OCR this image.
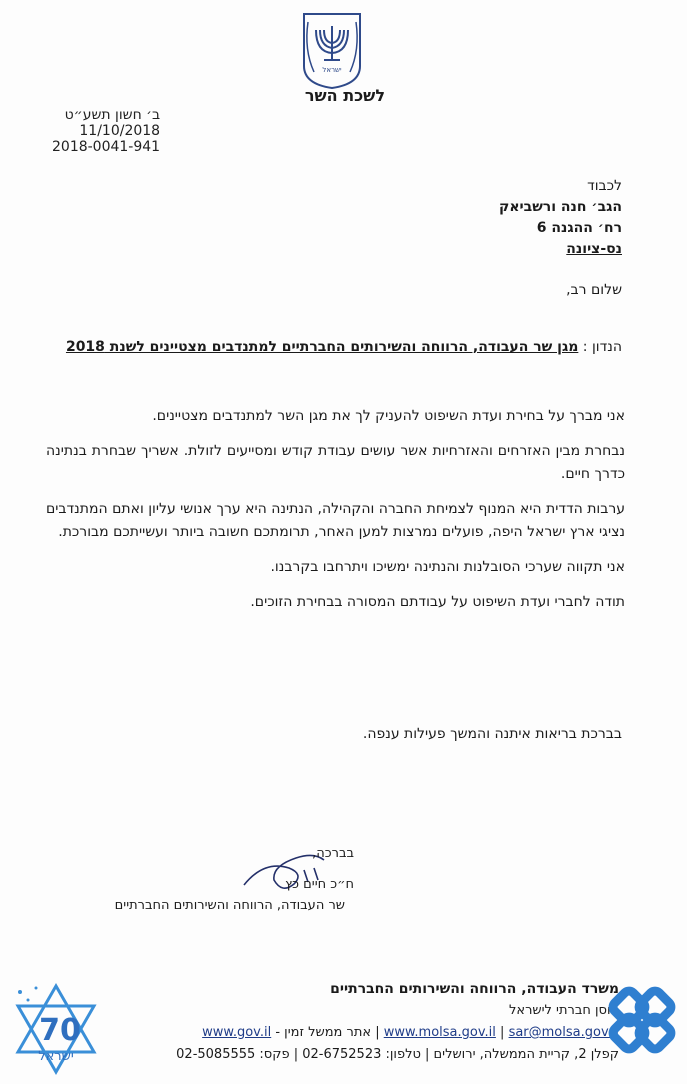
ישראל
לשכת השר
ב׳ חשון תשע״ט
11/10/2018
2018-0041-941
לכבוד
הגב׳ חנה ורשביאק
רח׳ ההגנה 6
נס-ציונה
שלום רב,
הנדון : מגן שר העבודה, הרווחה והשירותים החברתיים למתנדבים מצטיינים לשנת 2018

אני מברך על בחירת ועדת השיפוט להעניק לך את מגן השר למתנדבים מצטיינים.

נבחרת מבין האזרחים והאזרחיות אשר עושים עבודת קודש ומסייעים לזולת. אשריך שבחרת בנתינה כדרך חיים.

ערבות הדדית היא המנוף לצמיחת החברה והקהילה, הנתינה היא ערך אנושי עליון ואתם המתנדבים נציגי ארץ ישראל היפה, פועלים נמרצות למען האחר, תרומתכם חשובה ביותר ועשייתכם מבורכת.

אני תקווה שערכי הסובלנות והנתינה ימשיכו ויתרחבו בקרבנו.

תודה לחברי ועדת השיפוט על עבודתם המסורה בבחירת הזוכים.

בברכת בריאות איתנה והמשך פעילות ענפה.
בברכה,
ח״כ חיים כץ
שר העבודה, הרווחה והשירותים החברתיים
משרד העבודה, הרווחה והשירותים החברתיים
חוסן חברתי לישראל
www.molsa.gov.il | sar@molsa.gov.il | אתר ממשל זמין - www.gov.il
קפלן 2, קריית הממשלה, ירושלים | טלפון: 02-6752523 | פקס: 02-5085555
70
ישראל
